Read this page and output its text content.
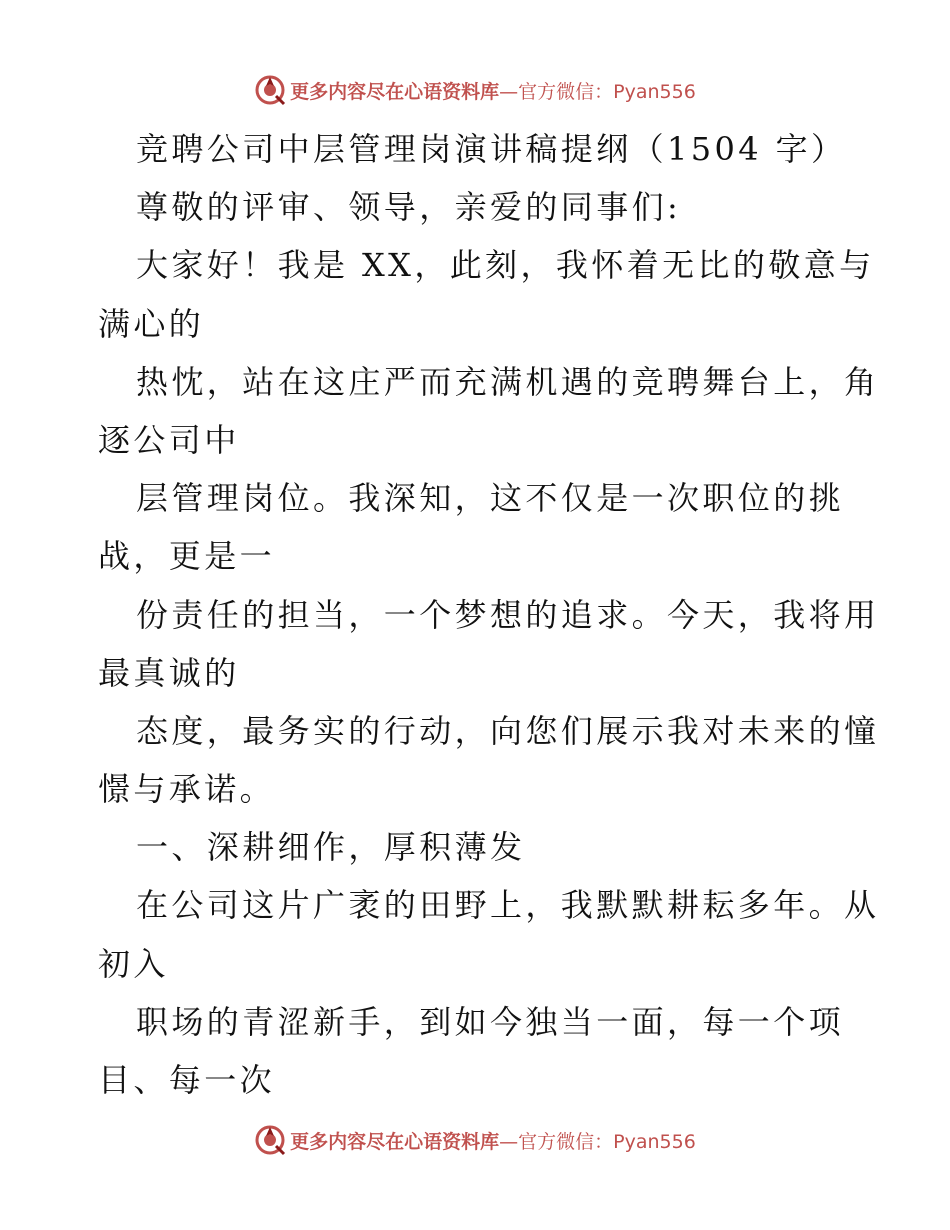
更多内容尽在心语资料库—官方微信：Pyan556
竞聘公司中层管理岗演讲稿提纲（1504 字）
尊敬的评审、领导，亲爱的同事们:
大家好！我是 XX，此刻，我怀着无比的敬意与
满心的
热忱，站在这庄严而充满机遇的竞聘舞台上，角
逐公司中
层管理岗位。我深知，这不仅是一次职位的挑
战，更是一
份责任的担当，一个梦想的追求。今天，我将用
最真诚的
态度，最务实的行动，向您们展示我对未来的憧
憬与承诺。
一、深耕细作，厚积薄发
在公司这片广袤的田野上，我默默耕耘多年。从
初入
职场的青涩新手，到如今独当一面，每一个项
目、每一次
更多内容尽在心语资料库—官方微信：Pyan556
